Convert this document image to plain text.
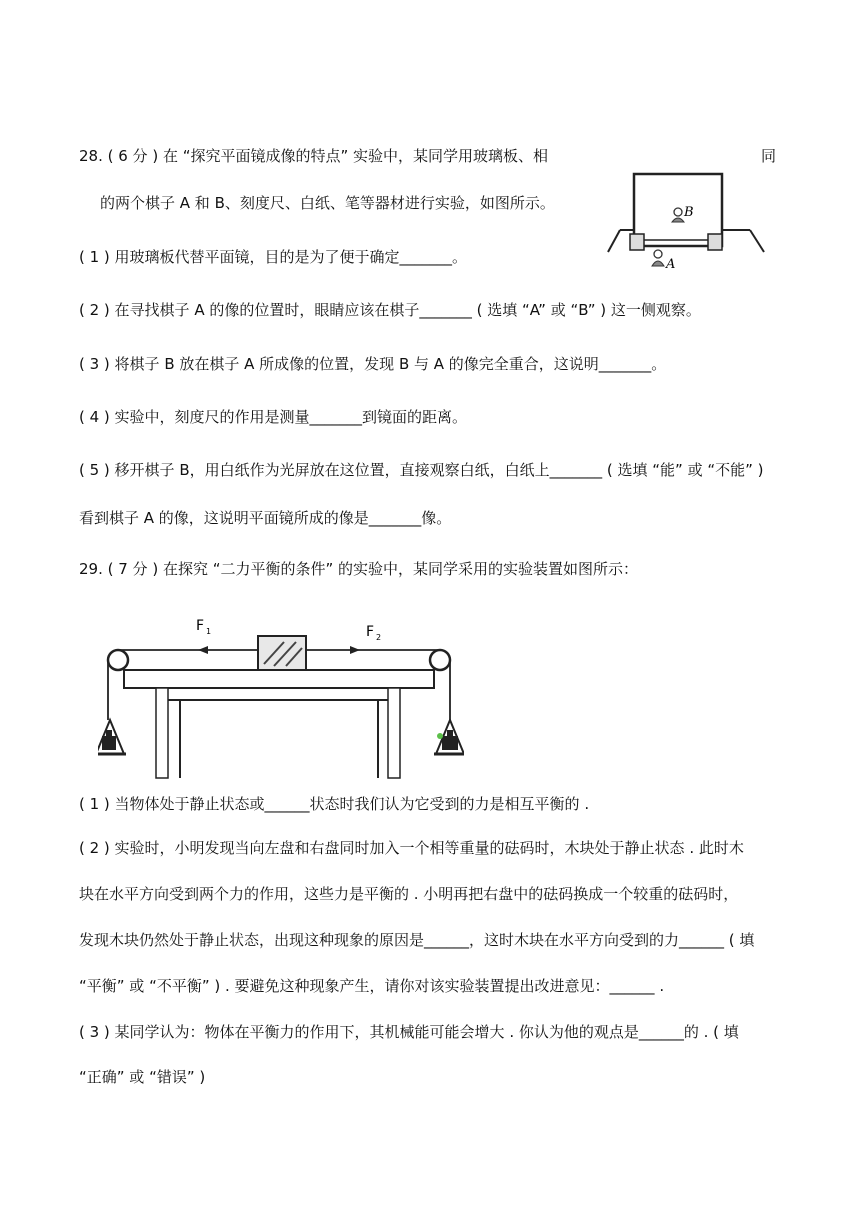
28. ( 6 分 ) 在 “探究平面镜成像的特点” 实验中，某同学用玻璃板、相	同
的两个棋子 A 和 B、刻度尺、白纸、笔等器材进行实验，如图所示。
B
A
( 1 ) 用玻璃板代替平面镜，目的是为了便于确定_______。
( 2 ) 在寻找棋子 A 的像的位置时，眼睛应该在棋子_______ ( 选填 “A” 或 “B” ) 这一侧观察。
( 3 ) 将棋子 B 放在棋子 A 所成像的位置，发现 B 与 A 的像完全重合，这说明_______。
( 4 ) 实验中，刻度尺的作用是测量_______到镜面的距离。
( 5 ) 移开棋子 B，用白纸作为光屏放在这位置，直接观察白纸，白纸上_______ ( 选填 “能” 或 “不能” )
看到棋子 A 的像，这说明平面镜所成的像是_______像。
29. ( 7 分 ) 在探究 “二力平衡的条件” 的实验中，某同学采用的实验装置如图所示：
F 1	F 2
( 1 ) 当物体处于静止状态或______状态时我们认为它受到的力是相互平衡的 .
( 2 ) 实验时，小明发现当向左盘和右盘同时加入一个相等重量的砝码时，木块处于静止状态 . 此时木
块在水平方向受到两个力的作用，这些力是平衡的 . 小明再把右盘中的砝码换成一个较重的砝码时，
发现木块仍然处于静止状态，出现这种现象的原因是______，这时木块在水平方向受到的力______ ( 填
“平衡” 或 “不平衡” ) . 要避免这种现象产生，请你对该实验装置提出改进意见：______ .
( 3 ) 某同学认为：物体在平衡力的作用下，其机械能可能会增大 . 你认为他的观点是______的 . ( 填
“正确” 或 “错误” )
